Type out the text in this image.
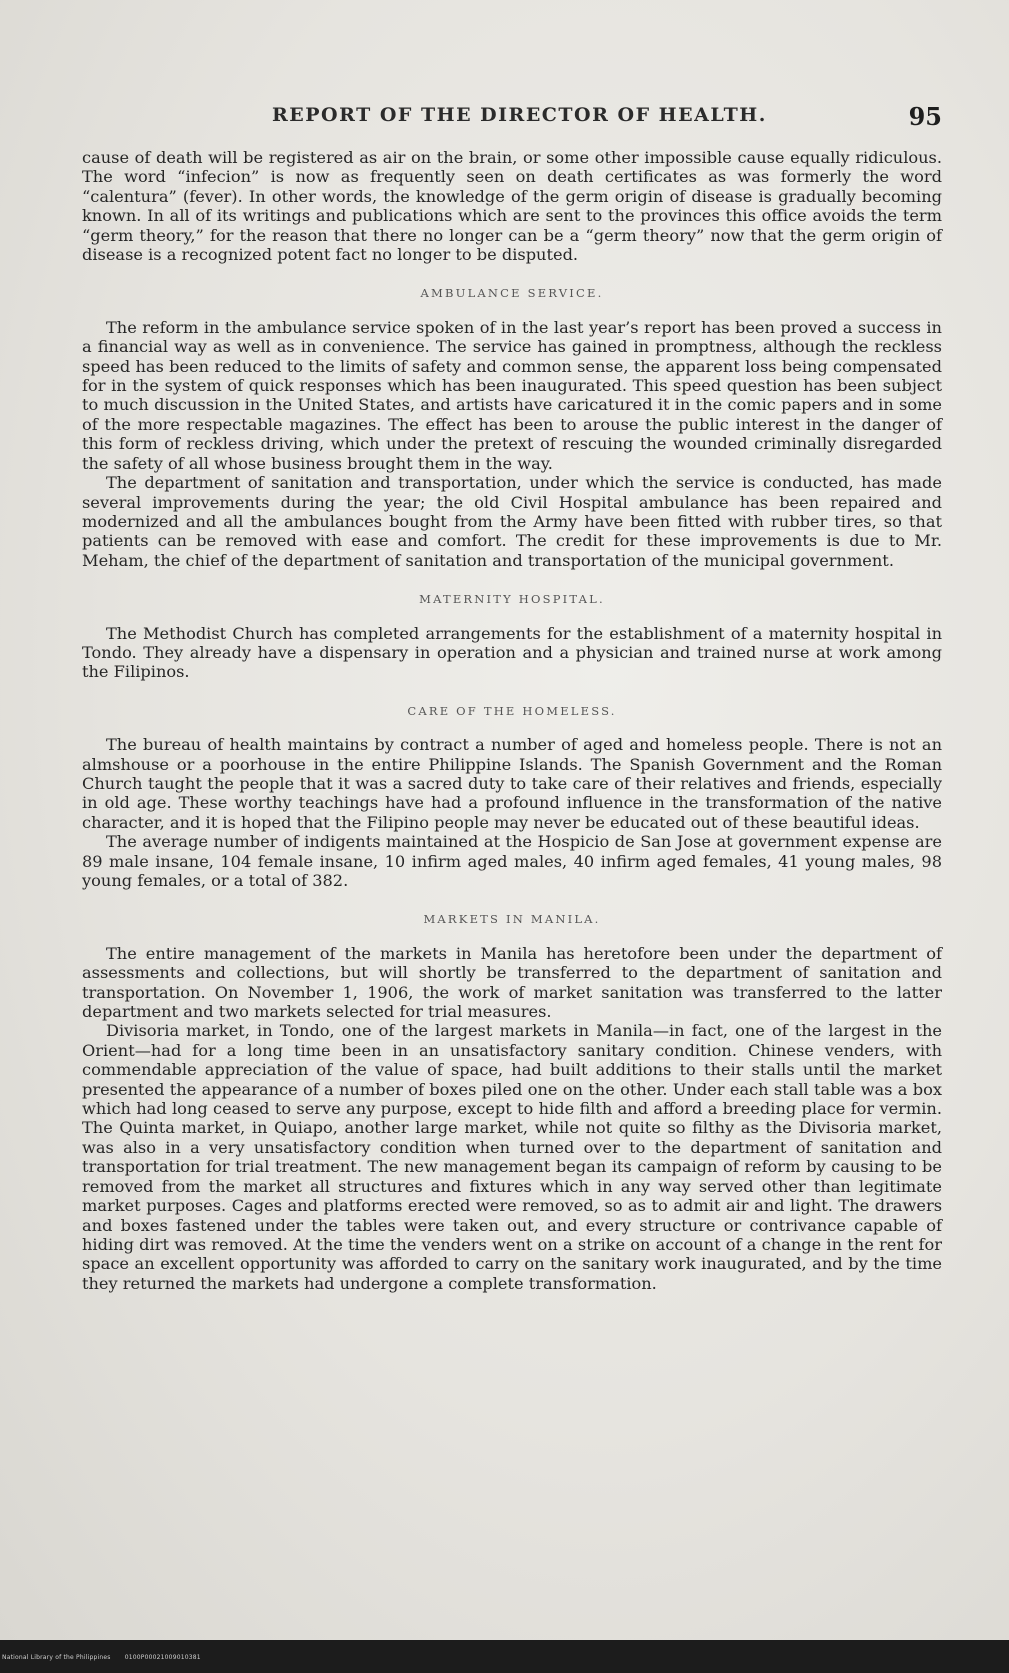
REPORT OF THE DIRECTOR OF HEALTH.	95

cause of death will be registered as air on the brain, or some other impossible cause equally ridiculous. The word “infecion” is now as frequently seen on death certificates as was formerly the word “calentura” (fever). In other words, the knowledge of the germ origin of disease is gradually becoming known. In all of its writings and publications which are sent to the provinces this office avoids the term “germ theory,” for the reason that there no longer can be a “germ theory” now that the germ origin of disease is a recognized potent fact no longer to be disputed.

AMBULANCE SERVICE.

The reform in the ambulance service spoken of in the last year’s report has been proved a success in a financial way as well as in convenience. The service has gained in promptness, although the reckless speed has been reduced to the limits of safety and common sense, the apparent loss being compensated for in the system of quick responses which has been inaugurated. This speed question has been subject to much discussion in the United States, and artists have caricatured it in the comic papers and in some of the more respectable magazines. The effect has been to arouse the public interest in the danger of this form of reckless driving, which under the pretext of rescuing the wounded criminally disregarded the safety of all whose business brought them in the way.

The department of sanitation and transportation, under which the service is conducted, has made several improvements during the year; the old Civil Hospital ambulance has been repaired and modernized and all the ambulances bought from the Army have been fitted with rubber tires, so that patients can be removed with ease and comfort. The credit for these improvements is due to Mr. Meham, the chief of the department of sanitation and transportation of the municipal government.

MATERNITY HOSPITAL.

The Methodist Church has completed arrangements for the establishment of a maternity hospital in Tondo. They already have a dispensary in operation and a physician and trained nurse at work among the Filipinos.

CARE OF THE HOMELESS.

The bureau of health maintains by contract a number of aged and homeless people. There is not an almshouse or a poorhouse in the entire Philippine Islands. The Spanish Government and the Roman Church taught the people that it was a sacred duty to take care of their relatives and friends, especially in old age. These worthy teachings have had a profound influence in the transformation of the native character, and it is hoped that the Filipino people may never be educated out of these beautiful ideas.

The average number of indigents maintained at the Hospicio de San Jose at government expense are 89 male insane, 104 female insane, 10 infirm aged males, 40 infirm aged females, 41 young males, 98 young females, or a total of 382.

MARKETS IN MANILA.

The entire management of the markets in Manila has heretofore been under the department of assessments and collections, but will shortly be transferred to the department of sanitation and transportation. On November 1, 1906, the work of market sanitation was transferred to the latter department and two markets selected for trial measures.

Divisoria market, in Tondo, one of the largest markets in Manila—in fact, one of the largest in the Orient—had for a long time been in an unsatisfactory sanitary condition. Chinese venders, with commendable appreciation of the value of space, had built additions to their stalls until the market presented the appearance of a number of boxes piled one on the other. Under each stall table was a box which had long ceased to serve any purpose, except to hide filth and afford a breeding place for vermin. The Quinta market, in Quiapo, another large market, while not quite so filthy as the Divisoria market, was also in a very unsatisfactory condition when turned over to the department of sanitation and transportation for trial treatment. The new management began its campaign of reform by causing to be removed from the market all structures and fixtures which in any way served other than legitimate market purposes. Cages and platforms erected were removed, so as to admit air and light. The drawers and boxes fastened under the tables were taken out, and every structure or contrivance capable of hiding dirt was removed. At the time the venders went on a strike on account of a change in the rent for space an excellent opportunity was afforded to carry on the sanitary work inaugurated, and by the time they returned the markets had undergone a complete transformation.

National Library of the Philippines 0100P00021009010381
